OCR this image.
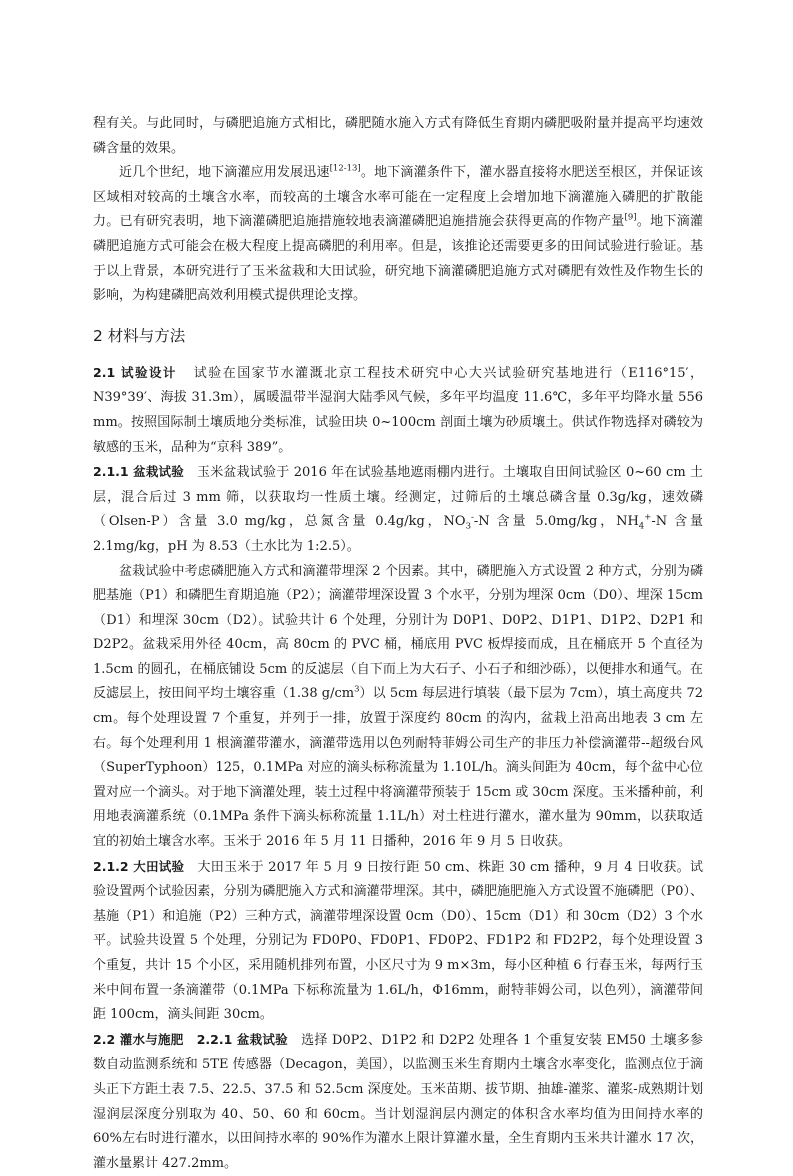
程有关。与此同时，与磷肥追施方式相比，磷肥随水施入方式有降低生育期内磷肥吸附量并提高平均速效磷含量的效果。

近几个世纪，地下滴灌应用发展迅速[12-13]。地下滴灌条件下，灌水器直接将水肥送至根区，并保证该区域相对较高的土壤含水率，而较高的土壤含水率可能在一定程度上会增加地下滴灌施入磷肥的扩散能力。已有研究表明，地下滴灌磷肥追施措施较地表滴灌磷肥追施措施会获得更高的作物产量[9]。地下滴灌磷肥追施方式可能会在极大程度上提高磷肥的利用率。但是，该推论还需要更多的田间试验进行验证。基于以上背景，本研究进行了玉米盆栽和大田试验，研究地下滴灌磷肥追施方式对磷肥有效性及作物生长的影响，为构建磷肥高效利用模式提供理论支撑。

2 材料与方法

2.1 试验设计 试验在国家节水灌溉北京工程技术研究中心大兴试验研究基地进行（E116°15′，N39°39′、海拔 31.3m），属暖温带半湿润大陆季风气候，多年平均温度 11.6℃，多年平均降水量 556 mm。按照国际制土壤质地分类标准，试验田块 0~100cm 剖面土壤为砂质壤土。供试作物选择对磷较为敏感的玉米，品种为“京科 389”。

2.1.1 盆栽试验 玉米盆栽试验于 2016 年在试验基地遮雨棚内进行。土壤取自田间试验区 0~60 cm 土层，混合后过 3 mm 筛，以获取均一性质土壤。经测定，过筛后的土壤总磷含量 0.3g/kg，速效磷（Olsen-P）含量 3.0 mg/kg，总氮含量 0.4g/kg，$NO_3^--N$ 含量 5.0mg/kg，$NH_4^+-N$ 含量 2.1mg/kg，pH 为 8.53（土水比为 1:2.5）。

盆栽试验中考虑磷肥施入方式和滴灌带埋深 2 个因素。其中，磷肥施入方式设置 2 种方式，分别为磷肥基施（P1）和磷肥生育期追施（P2）；滴灌带埋深设置 3 个水平，分别为埋深 0cm（D0）、埋深 15cm（D1）和埋深 30cm（D2）。试验共计 6 个处理，分别计为 D0P1、D0P2、D1P1、D1P2、D2P1 和 D2P2。盆栽采用外径 40cm，高 80cm 的 PVC 桶，桶底用 PVC 板焊接而成，且在桶底开 5 个直径为 1.5cm 的圆孔，在桶底铺设 5cm 的反滤层（自下而上为大石子、小石子和细沙砾），以便排水和通气。在反滤层上，按田间平均土壤容重（1.38 $g/cm^3$）以 5cm 每层进行填装（最下层为 7cm），填土高度共 72 cm。每个处理设置 7 个重复，并列于一排，放置于深度约 80cm 的沟内，盆栽上沿高出地表 3 cm 左右。每个处理利用 1 根滴灌带灌水，滴灌带选用以色列耐特菲姆公司生产的非压力补偿滴灌带--超级台风（SuperTyphoon）125，0.1MPa 对应的滴头标称流量为 1.10L/h。滴头间距为 40cm，每个盆中心位置对应一个滴头。对于地下滴灌处理，装土过程中将滴灌带预装于 15cm 或 30cm 深度。玉米播种前，利用地表滴灌系统（0.1MPa 条件下滴头标称流量 1.1L/h）对土柱进行灌水，灌水量为 90mm，以获取适宜的初始土壤含水率。玉米于 2016 年 5 月 11 日播种，2016 年 9 月 5 日收获。

2.1.2 大田试验 大田玉米于 2017 年 5 月 9 日按行距 50 cm、株距 30 cm 播种，9 月 4 日收获。试验设置两个试验因素，分别为磷肥施入方式和滴灌带埋深。其中，磷肥施肥施入方式设置不施磷肥（P0）、基施（P1）和追施（P2）三种方式，滴灌带埋深设置 0cm（D0）、15cm（D1）和 30cm（D2）3 个水平。试验共设置 5 个处理，分别记为 FD0P0、FD0P1、FD0P2、FD1P2 和 FD2P2，每个处理设置 3 个重复，共计 15 个小区，采用随机排列布置，小区尺寸为 9 m×3m，每小区种植 6 行春玉米，每两行玉米中间布置一条滴灌带（0.1MPa 下标称流量为 1.6L/h，Φ16mm，耐特菲姆公司，以色列），滴灌带间距 100cm，滴头间距 30cm。

2.2 灌水与施肥 2.2.1 盆栽试验 选择 D0P2、D1P2 和 D2P2 处理各 1 个重复安装 EM50 土壤多参数自动监测系统和 5TE 传感器（Decagon，美国），以监测玉米生育期内土壤含水率变化，监测点位于滴头正下方距土表 7.5、22.5、37.5 和 52.5cm 深度处。玉米苗期、拔节期、抽雄-灌浆、灌浆-成熟期计划湿润层深度分别取为 40、50、60 和 60cm。当计划湿润层内测定的体积含水率均值为田间持水率的 60%左右时进行灌水，以田间持水率的 90%作为灌水上限计算灌水量，全生育期内玉米共计灌水 17 次，灌水量累计 427.2mm。
